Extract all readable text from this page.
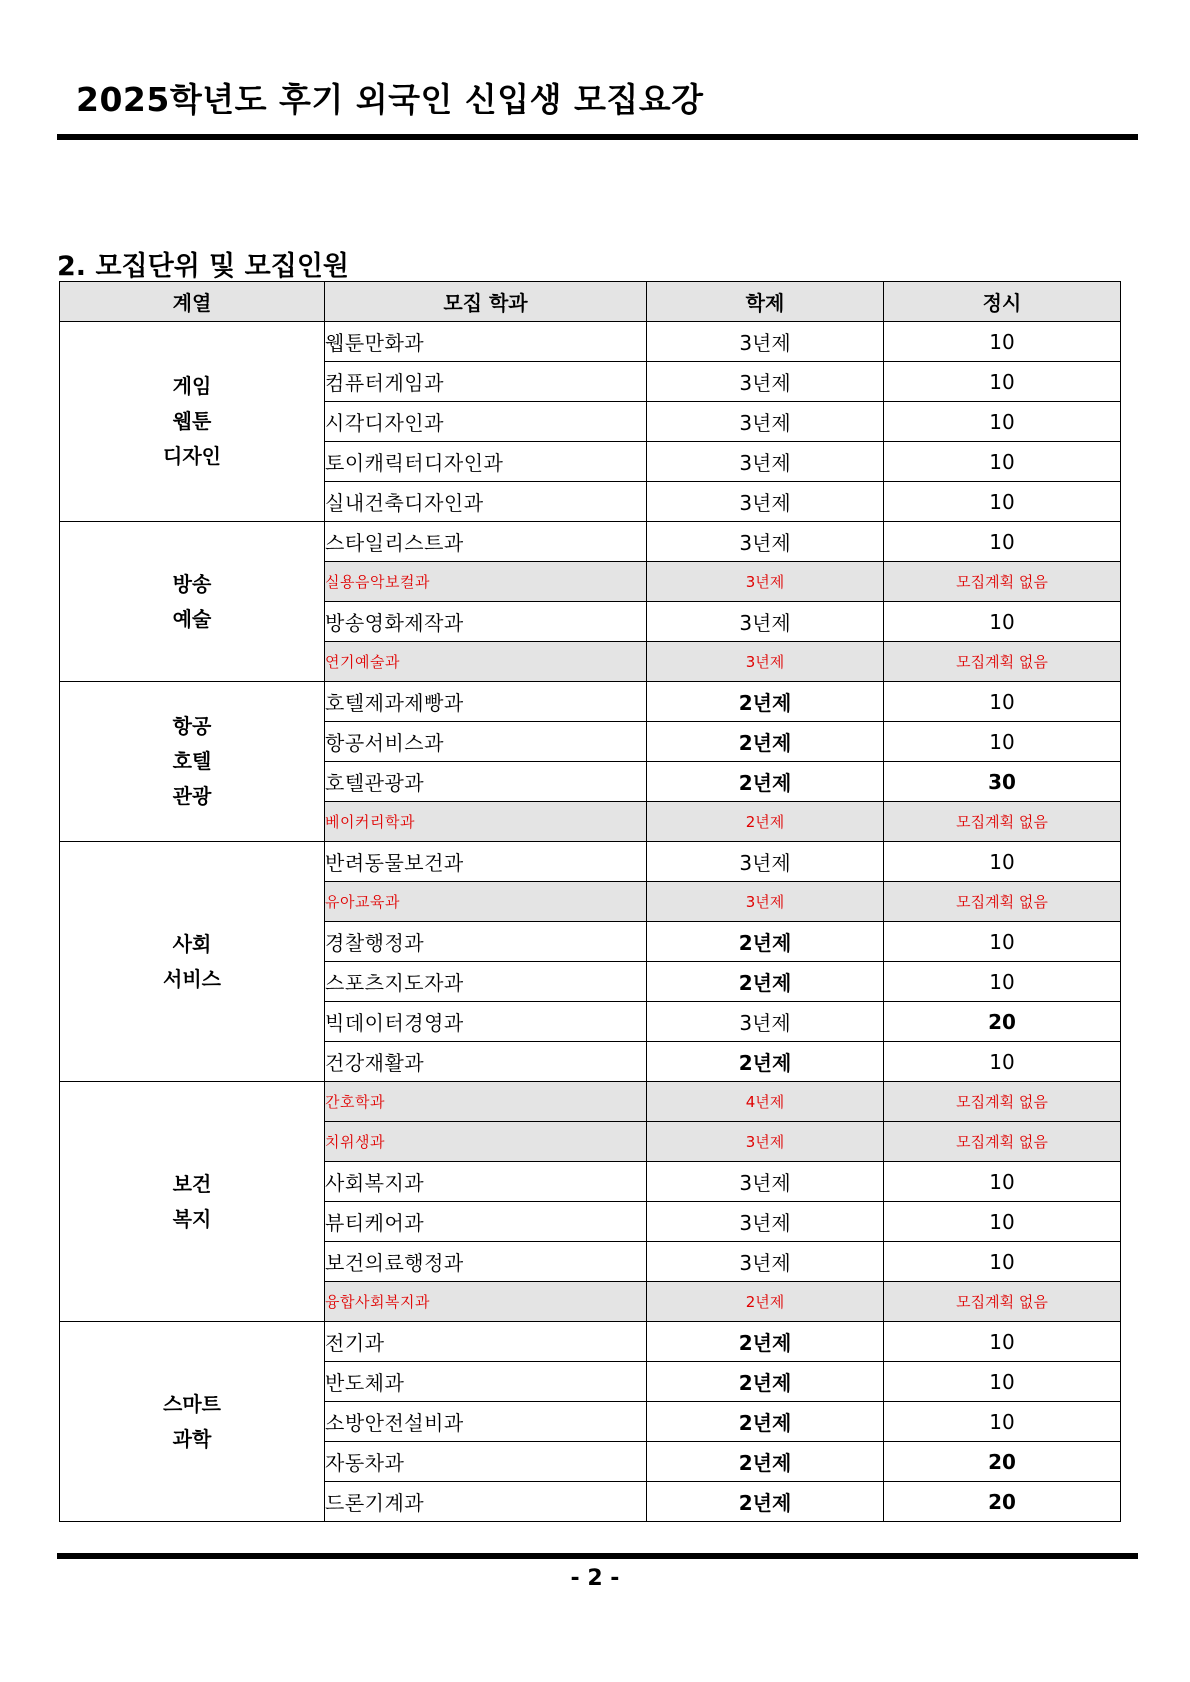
2025학년도 후기 외국인 신입생 모집요강
2. 모집단위 및 모집인원
계열	모집 학과	학제	정시

게임
웹툰
디자인	웹툰만화과	3년제	10
	컴퓨터게임과	3년제	10
	시각디자인과	3년제	10
	토이캐릭터디자인과	3년제	10
	실내건축디자인과	3년제	10

방송
예술	스타일리스트과	3년제	10
	실용음악보컬과	3년제	모집계획 없음
	방송영화제작과	3년제	10
	연기예술과	3년제	모집계획 없음

항공
호텔
관광	호텔제과제빵과	2년제	10
	항공서비스과	2년제	10
	호텔관광과	2년제	30
	베이커리학과	2년제	모집계획 없음

사회
서비스	반려동물보건과	3년제	10
	유아교육과	3년제	모집계획 없음
	경찰행정과	2년제	10
	스포츠지도자과	2년제	10
	빅데이터경영과	3년제	20
	건강재활과	2년제	10

보건
복지	간호학과	4년제	모집계획 없음
	치위생과	3년제	모집계획 없음
	사회복지과	3년제	10
	뷰티케어과	3년제	10
	보건의료행정과	3년제	10
	융합사회복지과	2년제	모집계획 없음

스마트
과학	전기과	2년제	10
	반도체과	2년제	10
	소방안전설비과	2년제	10
	자동차과	2년제	20
	드론기계과	2년제	20
- 2 -
